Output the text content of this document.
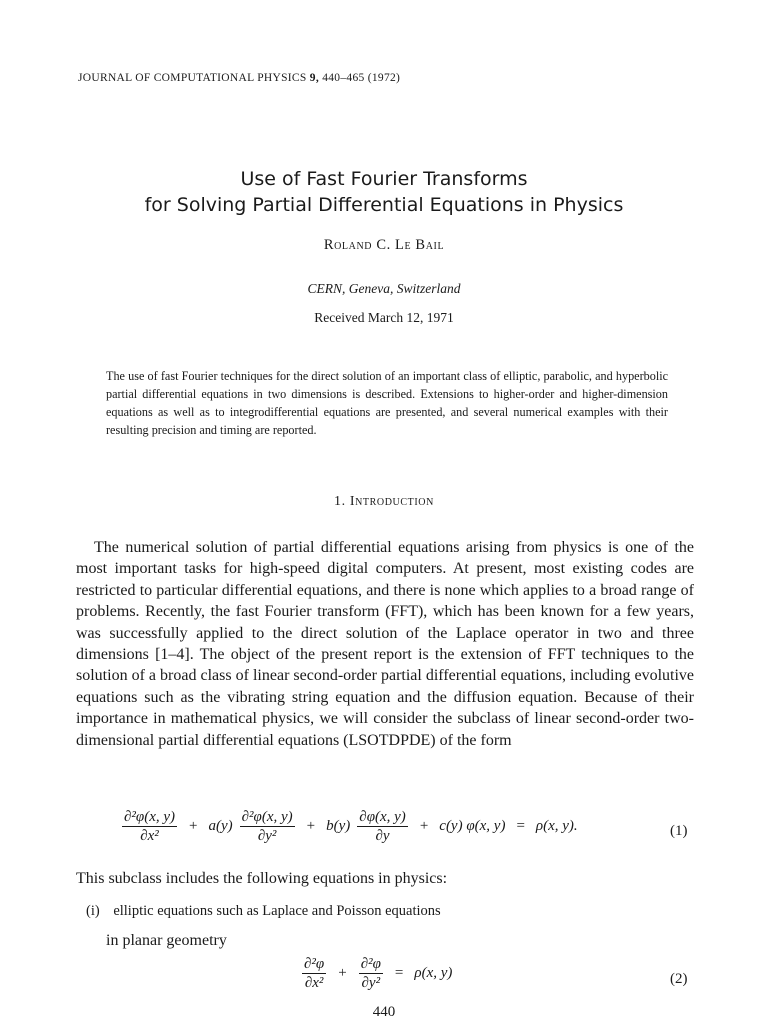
JOURNAL OF COMPUTATIONAL PHYSICS 9, 440–465 (1972)
Use of Fast Fourier Transforms
for Solving Partial Differential Equations in Physics
Roland C. Le Bail
CERN, Geneva, Switzerland
Received March 12, 1971
The use of fast Fourier techniques for the direct solution of an important class of elliptic, parabolic, and hyperbolic partial differential equations in two dimensions is described. Extensions to higher-order and higher-dimension equations as well as to integrodifferential equations are presented, and several numerical examples with their resulting precision and timing are reported.
1. Introduction
The numerical solution of partial differential equations arising from physics is one of the most important tasks for high-speed digital computers. At present, most existing codes are restricted to particular differential equations, and there is none which applies to a broad range of problems. Recently, the fast Fourier transform (FFT), which has been known for a few years, was successfully applied to the direct solution of the Laplace operator in two and three dimensions [1–4]. The object of the present report is the extension of FFT techniques to the solution of a broad class of linear second-order partial differential equations, including evolutive equations such as the vibrating string equation and the diffusion equation. Because of their importance in mathematical physics, we will consider the subclass of linear second-order two-dimensional partial differential equations (LSOTDPDE) of the form
$\frac{\text{∂²φ(x, y)}}{\text{∂x²}} + a(y) \frac{\text{∂²φ(x, y)}}{\text{∂y²}} + b(y) \frac{\partial\varphi(x, y)}{\partial y} + c(y)$ φ(x, y) = ρ(x, y).	(1)
This subclass includes the following equations in physics:
(i) elliptic equations such as Laplace and Poisson equations
in planar geometry
$\frac{\text{∂²φ}}{\text{∂x²}} + \frac{\text{∂²φ}}{\text{∂y²}} = \rho(x$, y)	(2)
440
